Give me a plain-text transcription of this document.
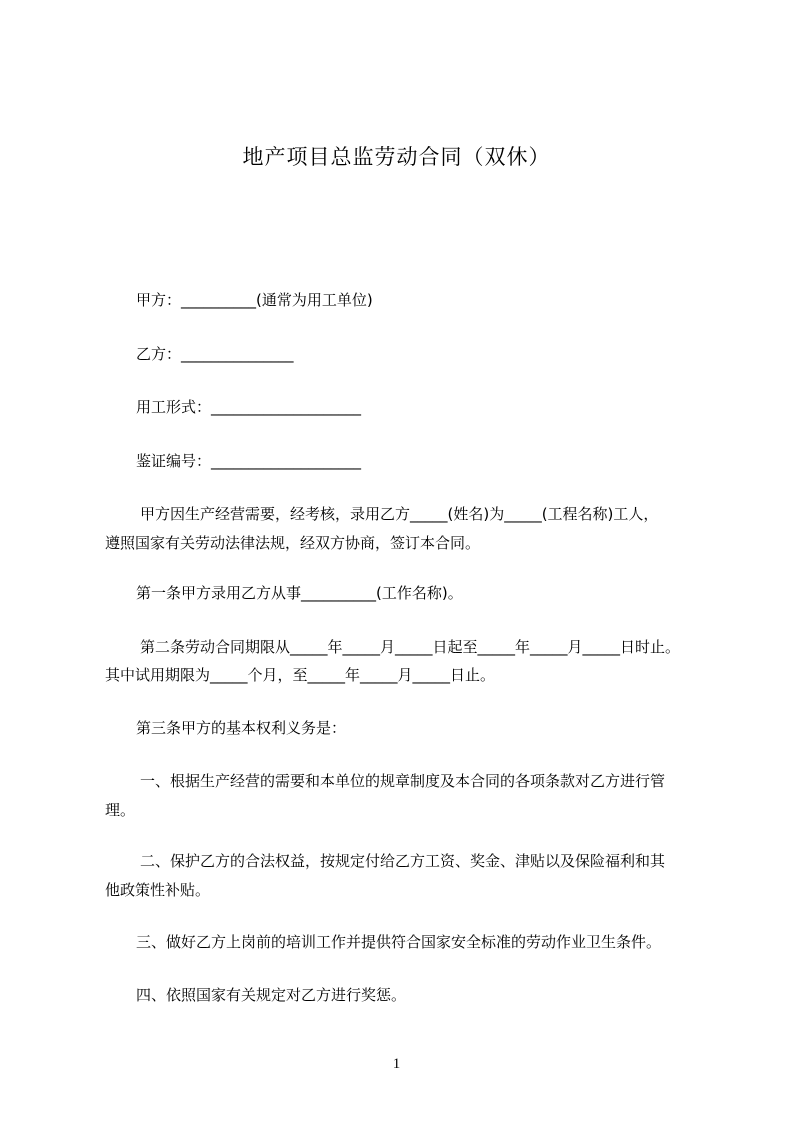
地产项目总监劳动合同（双休）
甲方：__________(通常为用工单位)
乙方：_______________
用工形式：____________________
鉴证编号：____________________
甲方因生产经营需要，经考核，录用乙方_____(姓名)为_____(工程名称)工人，
遵照国家有关劳动法律法规，经双方协商，签订本合同。
第一条甲方录用乙方从事__________(工作名称)。
第二条劳动合同期限从_____年_____月_____日起至_____年_____月_____日时止。
其中试用期限为_____个月，至_____年_____月_____日止。
第三条甲方的基本权利义务是：
一、根据生产经营的需要和本单位的规章制度及本合同的各项条款对乙方进行管
理。
二、保护乙方的合法权益，按规定付给乙方工资、奖金、津贴以及保险福利和其
他政策性补贴。
三、做好乙方上岗前的培训工作并提供符合国家安全标准的劳动作业卫生条件。
四、依照国家有关规定对乙方进行奖惩。
1
